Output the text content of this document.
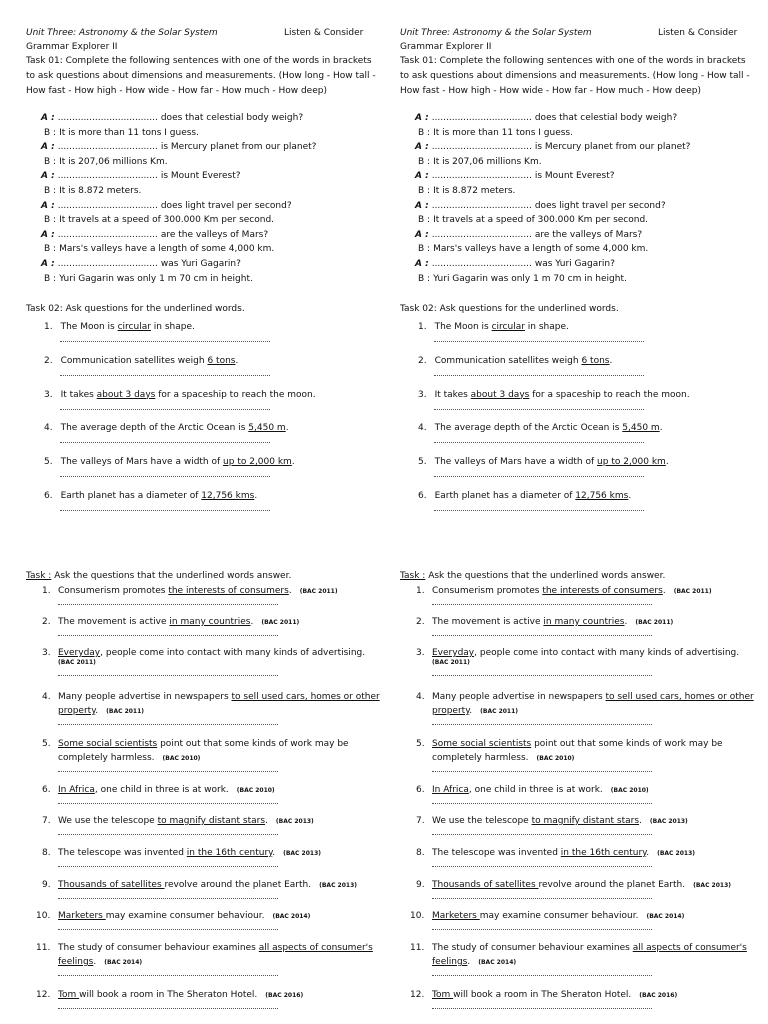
Unit Three: Astronomy & the Solar System	Listen & Consider
Grammar Explorer II
Task 01: Complete the following sentences with one of the words in brackets
to ask questions about dimensions and measurements. (How long - How tall -
How fast - How high - How wide - How far - How much - How deep)
A : ................................... does that celestial body weigh?
B : It is more than 11 tons I guess.
A : ................................... is Mercury planet from our planet?
B : It is 207,06 millions Km.
A : ................................... is Mount Everest?
B : It is 8.872 meters.
A : ................................... does light travel per second?
B : It travels at a speed of 300.000 Km per second.
A : ................................... are the valleys of Mars?
B : Mars's valleys have a length of some 4,000 km.
A : ................................... was Yuri Gagarin?
B : Yuri Gagarin was only 1 m 70 cm in height.
Task 02: Ask questions for the underlined words.
1. The Moon is circular in shape.
2. Communication satellites weigh 6 tons.
3. It takes about 3 days for a spaceship to reach the moon.
4. The average depth of the Arctic Ocean is 5,450 m.
5. The valleys of Mars have a width of up to 2,000 km.
6. Earth planet has a diameter of 12,756 kms.
Task : Ask the questions that the underlined words answer.
1. Consumerism promotes the interests of consumers. (BAC 2011)
2. The movement is active in many countries. (BAC 2011)
3. Everyday, people come into contact with many kinds of advertising.
(BAC 2011)
4. Many people advertise in newspapers to sell used cars, homes or other
property. (BAC 2011)
5. Some social scientists point out that some kinds of work may be
completely harmless. (BAC 2010)
6. In Africa, one child in three is at work. (BAC 2010)
7. We use the telescope to magnify distant stars. (BAC 2013)
8. The telescope was invented in the 16th century. (BAC 2013)
9. Thousands of satellites revolve around the planet Earth. (BAC 2013)
10. Marketers may examine consumer behaviour. (BAC 2014)
11. The study of consumer behaviour examines all aspects of consumer's
feelings. (BAC 2014)
12. Tom will book a room in The Sheraton Hotel. (BAC 2016)
Unit Three: Astronomy & the Solar System	Listen & Consider
Grammar Explorer II
Task 01: Complete the following sentences with one of the words in brackets
to ask questions about dimensions and measurements. (How long - How tall -
How fast - How high - How wide - How far - How much - How deep)
A : ................................... does that celestial body weigh?
B : It is more than 11 tons I guess.
A : ................................... is Mercury planet from our planet?
B : It is 207,06 millions Km.
A : ................................... is Mount Everest?
B : It is 8.872 meters.
A : ................................... does light travel per second?
B : It travels at a speed of 300.000 Km per second.
A : ................................... are the valleys of Mars?
B : Mars's valleys have a length of some 4,000 km.
A : ................................... was Yuri Gagarin?
B : Yuri Gagarin was only 1 m 70 cm in height.
Task 02: Ask questions for the underlined words.
1. The Moon is circular in shape.
2. Communication satellites weigh 6 tons.
3. It takes about 3 days for a spaceship to reach the moon.
4. The average depth of the Arctic Ocean is 5,450 m.
5. The valleys of Mars have a width of up to 2,000 km.
6. Earth planet has a diameter of 12,756 kms.
Task : Ask the questions that the underlined words answer.
1. Consumerism promotes the interests of consumers. (BAC 2011)
2. The movement is active in many countries. (BAC 2011)
3. Everyday, people come into contact with many kinds of advertising.
(BAC 2011)
4. Many people advertise in newspapers to sell used cars, homes or other
property. (BAC 2011)
5. Some social scientists point out that some kinds of work may be
completely harmless. (BAC 2010)
6. In Africa, one child in three is at work. (BAC 2010)
7. We use the telescope to magnify distant stars. (BAC 2013)
8. The telescope was invented in the 16th century. (BAC 2013)
9. Thousands of satellites revolve around the planet Earth. (BAC 2013)
10. Marketers may examine consumer behaviour. (BAC 2014)
11. The study of consumer behaviour examines all aspects of consumer's
feelings. (BAC 2014)
12. Tom will book a room in The Sheraton Hotel. (BAC 2016)
